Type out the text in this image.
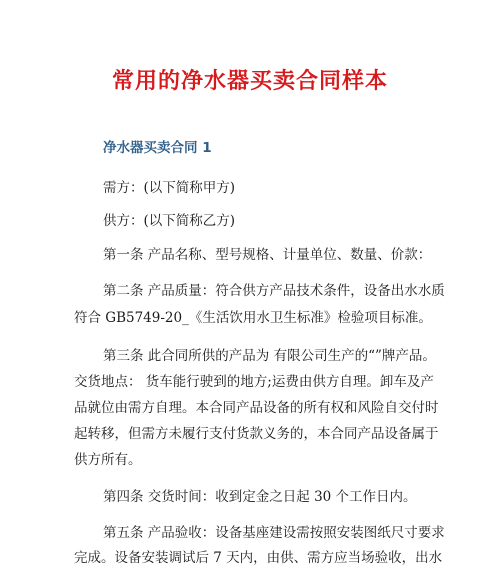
常用的净水器买卖合同样本
净水器买卖合同 1
需方：(以下简称甲方)
供方：(以下简称乙方)
第一条 产品名称、型号规格、计量单位、数量、价款：
第二条 产品质量：符合供方产品技术条件，设备出水水质
符合 GB5749-20_《生活饮用水卫生标准》检验项目标准。
第三条 此合同所供的产品为 有限公司生产的“”牌产品。
交货地点： 货车能行驶到的地方;运费由供方自理。卸车及产
品就位由需方自理。本合同产品设备的所有权和风险自交付时
起转移，但需方未履行支付货款义务的，本合同产品设备属于
供方所有。
第四条 交货时间：收到定金之日起 30 个工作日内。
第五条 产品验收：设备基座建设需按照安装图纸尺寸要求
完成。设备安装调试后 7 天内，由供、需方应当场验收，出水
